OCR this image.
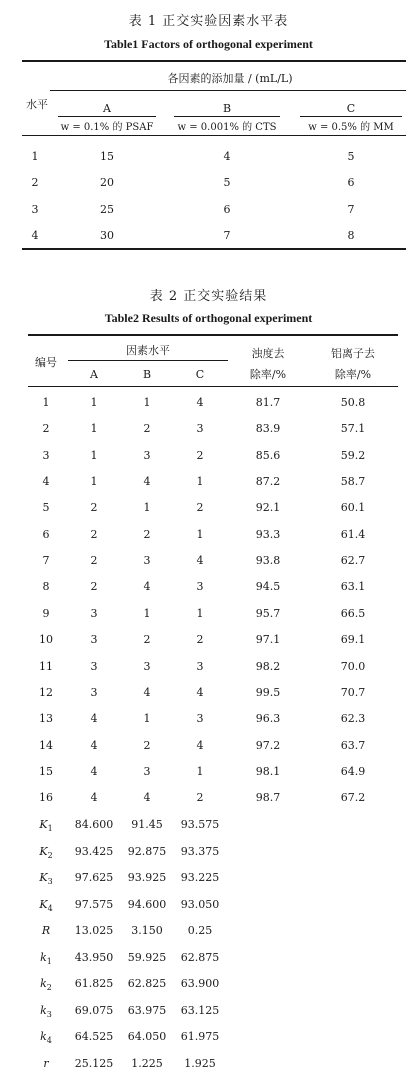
表 1 正交实验因素水平表
Table1 Factors of orthogonal experiment
水平
各因素的添加量 / (mL/L)
A
w = 0.1% 的 PSAF
B
w = 0.001% 的 CTS
C
w = 0.5% 的 MM
1	15	4	5
2	20	5	6
3	25	6	7
4	30	7	8
表 2 正交实验结果
Table2 Results of orthogonal experiment
编号
因素水平
A	B	C
浊度去
除率/%
铝离子去
除率/%
1	1	1	4	81.7	50.8
2	1	2	3	83.9	57.1
3	1	3	2	85.6	59.2
4	1	4	1	87.2	58.7
5	2	1	2	92.1	60.1
6	2	2	1	93.3	61.4
7	2	3	4	93.8	62.7
8	2	4	3	94.5	63.1
9	3	1	1	95.7	66.5
10	3	2	2	97.1	69.1
11	3	3	3	98.2	70.0
12	3	4	4	99.5	70.7
13	4	1	3	96.3	62.3
14	4	2	4	97.2	63.7
15	4	3	1	98.1	64.9
16	4	4	2	98.7	67.2
$K_1$	84.600	91.45	93.575
$K_2$	93.425	92.875	93.375
$K_3$	97.625	93.925	93.225
$K_4$	97.575	94.600	93.050
R	13.025	3.150	0.25
$k_1$	43.950	59.925	62.875
$k_2$	61.825	62.825	63.900
$k_3$	69.075	63.975	63.125
$k_4$	64.525	64.050	61.975
r	25.125	1.225	1.925
